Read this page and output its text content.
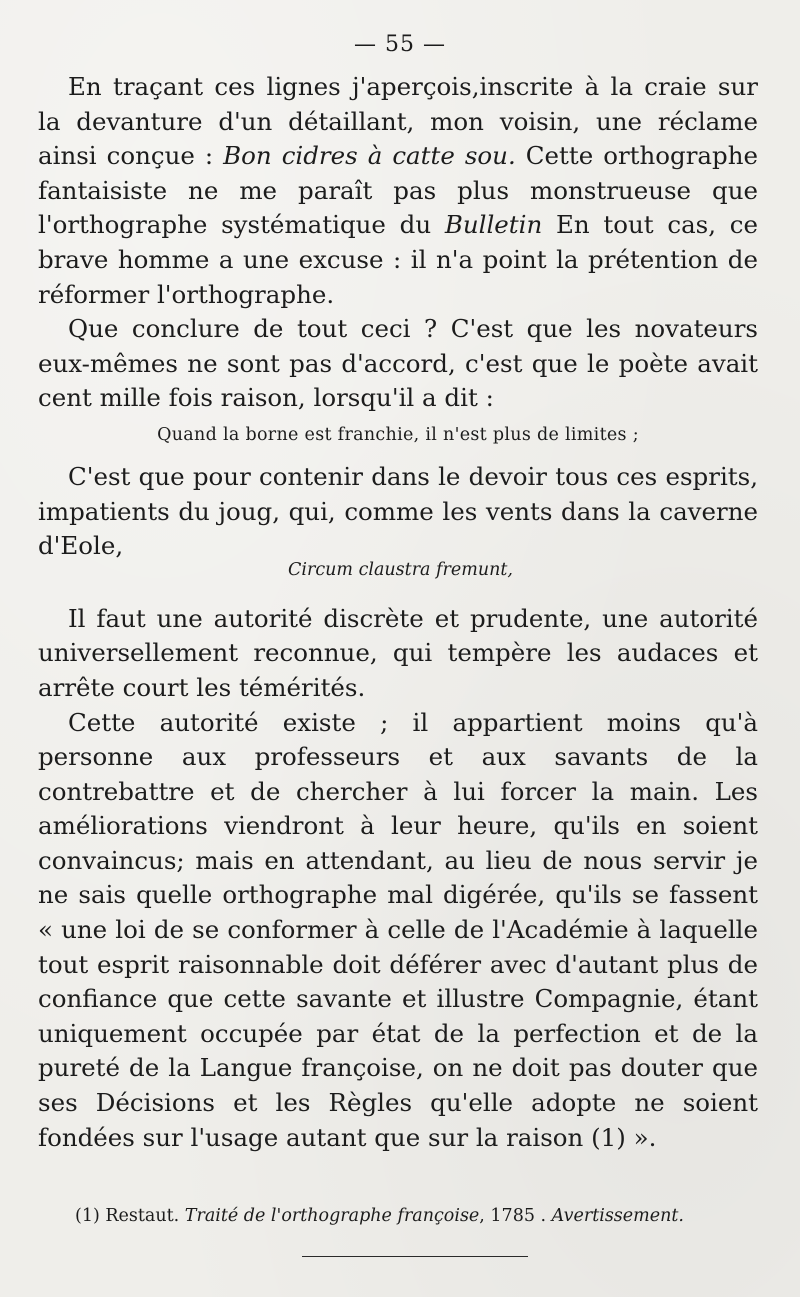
— 55 —

En traçant ces lignes j'aperçois,inscrite à la craie sur la devanture d'un détaillant, mon voisin, une réclame ainsi conçue : Bon cidres à catte sou. Cette orthographe fantaisiste ne me paraît pas plus monstrueuse que l'orthographe systématique du Bulletin En tout cas, ce brave homme a une excuse : il n'a point la prétention de réformer l'orthographe.

Que conclure de tout ceci ? C'est que les novateurs eux-mêmes ne sont pas d'accord, c'est que le poète avait cent mille fois raison, lorsqu'il a dit :

Quand la borne est franchie, il n'est plus de limites ;

C'est que pour contenir dans le devoir tous ces esprits, impatients du joug, qui, comme les vents dans la caverne d'Eole,

Circum claustra fremunt,

Il faut une autorité discrète et prudente, une autorité universellement reconnue, qui tempère les audaces et arrête court les témérités.

Cette autorité existe ; il appartient moins qu'à personne aux professeurs et aux savants de la contrebattre et de chercher à lui forcer la main. Les améliorations viendront à leur heure, qu'ils en soient convaincus; mais en attendant, au lieu de nous servir je ne sais quelle orthographe mal digérée, qu'ils se fassent « une loi de se conformer à celle de l'Académie à laquelle tout esprit raisonnable doit déférer avec d'autant plus de confiance que cette savante et illustre Compagnie, étant uniquement occupée par état de la perfection et de la pureté de la Langue françoise, on ne doit pas douter que ses Décisions et les Règles qu'elle adopte ne soient fondées sur l'usage autant que sur la raison (1) ».

(1) Restaut. Traité de l'orthographe françoise, 1785 . Avertissement.
